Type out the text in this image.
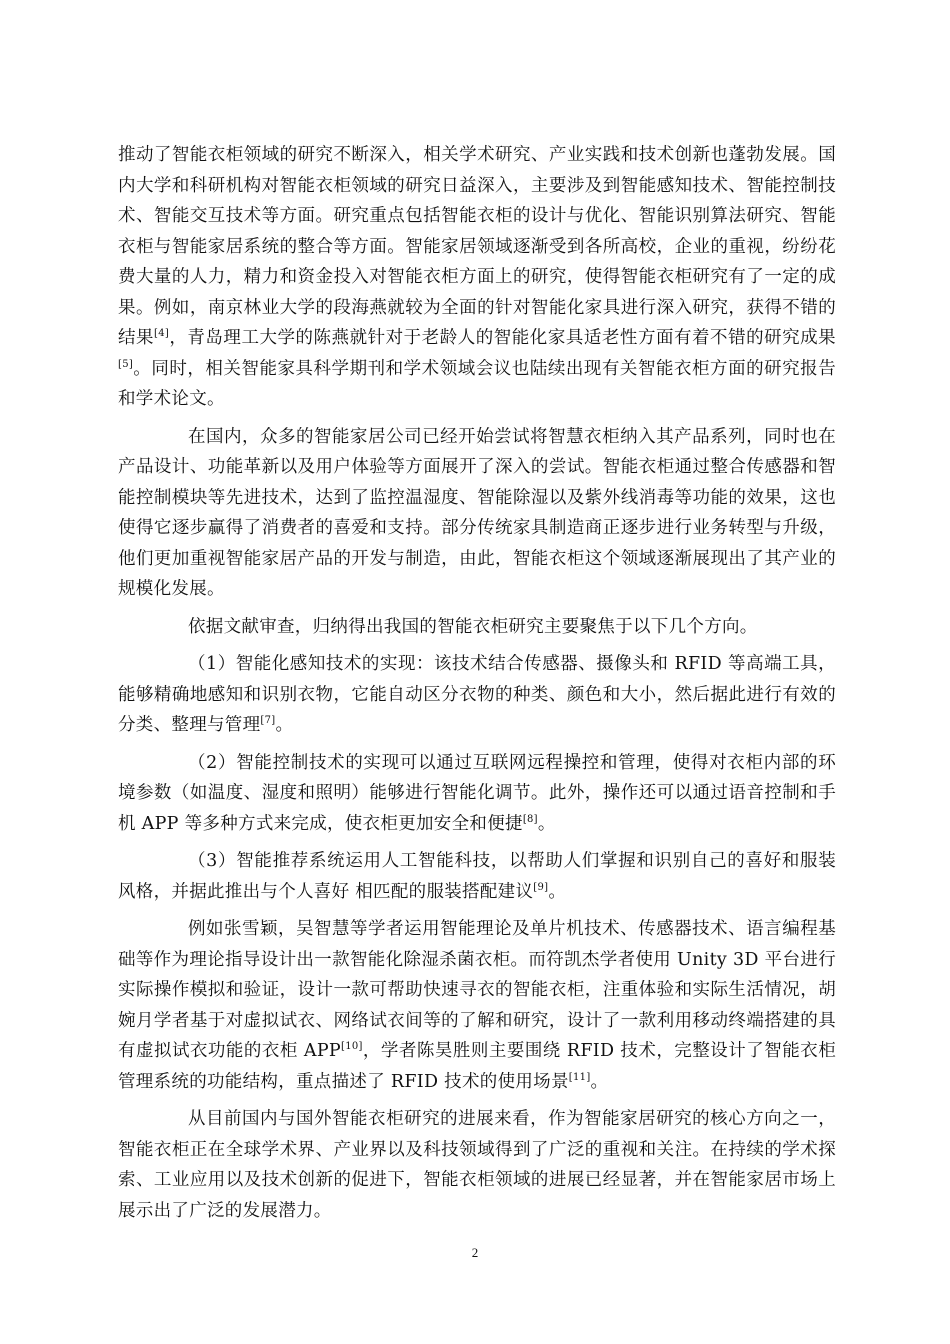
推动了智能衣柜领域的研究不断深入，相关学术研究、产业实践和技术创新也蓬勃发展。国内大学和科研机构对智能衣柜领域的研究日益深入，主要涉及到智能感知技术、智能控制技术、智能交互技术等方面。研究重点包括智能衣柜的设计与优化、智能识别算法研究、智能衣柜与智能家居系统的整合等方面。智能家居领域逐渐受到各所高校，企业的重视，纷纷花费大量的人力，精力和资金投入对智能衣柜方面上的研究，使得智能衣柜研究有了一定的成果。例如，南京林业大学的段海燕就较为全面的针对智能化家具进行深入研究，获得不错的结果[4]，青岛理工大学的陈燕就针对于老龄人的智能化家具适老性方面有着不错的研究成果[5]。同时，相关智能家具科学期刊和学术领域会议也陆续出现有关智能衣柜方面的研究报告和学术论文。

在国内，众多的智能家居公司已经开始尝试将智慧衣柜纳入其产品系列，同时也在产品设计、功能革新以及用户体验等方面展开了深入的尝试。智能衣柜通过整合传感器和智能控制模块等先进技术，达到了监控温湿度、智能除湿以及紫外线消毒等功能的效果，这也使得它逐步赢得了消费者的喜爱和支持。部分传统家具制造商正逐步进行业务转型与升级，他们更加重视智能家居产品的开发与制造，由此，智能衣柜这个领域逐渐展现出了其产业的规模化发展。

依据文献审查，归纳得出我国的智能衣柜研究主要聚焦于以下几个方向。

（1）智能化感知技术的实现：该技术结合传感器、摄像头和 RFID 等高端工具，能够精确地感知和识别衣物，它能自动区分衣物的种类、颜色和大小，然后据此进行有效的分类、整理与管理[7]。

（2）智能控制技术的实现可以通过互联网远程操控和管理，使得对衣柜内部的环境参数（如温度、湿度和照明）能够进行智能化调节。此外，操作还可以通过语音控制和手机 APP 等多种方式来完成，使衣柜更加安全和便捷[8]。

（3）智能推荐系统运用人工智能科技，以帮助人们掌握和识别自己的喜好和服装风格，并据此推出与个人喜好 相匹配的服装搭配建议[9]。

例如张雪颖，吴智慧等学者运用智能理论及单片机技术、传感器技术、语言编程基础等作为理论指导设计出一款智能化除湿杀菌衣柜。而符凯杰学者使用 Unity 3D 平台进行实际操作模拟和验证，设计一款可帮助快速寻衣的智能衣柜，注重体验和实际生活情况，胡婉月学者基于对虚拟试衣、网络试衣间等的了解和研究，设计了一款利用移动终端搭建的具有虚拟试衣功能的衣柜 APP[10]，学者陈昊胜则主要围绕 RFID 技术，完整设计了智能衣柜管理系统的功能结构，重点描述了 RFID 技术的使用场景[11]。

从目前国内与国外智能衣柜研究的进展来看，作为智能家居研究的核心方向之一，智能衣柜正在全球学术界、产业界以及科技领域得到了广泛的重视和关注。在持续的学术探索、工业应用以及技术创新的促进下，智能衣柜领域的进展已经显著，并在智能家居市场上展示出了广泛的发展潜力。

2
